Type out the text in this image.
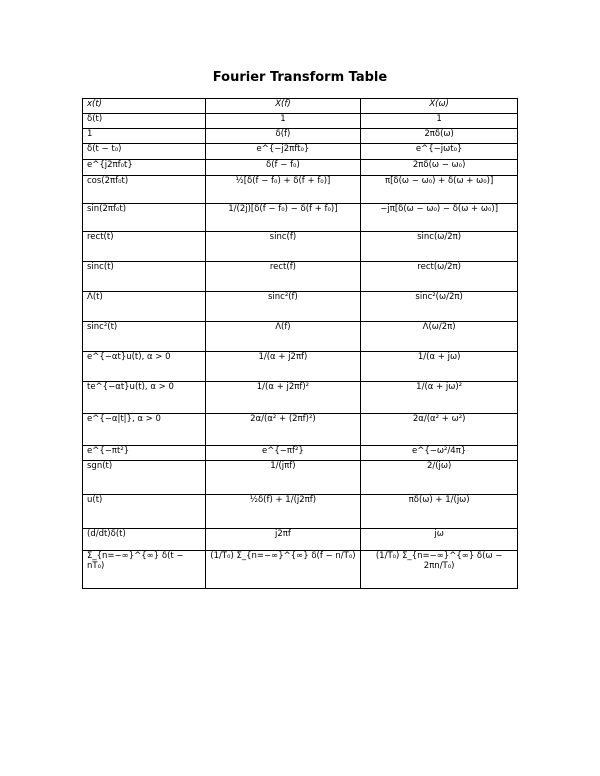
Fourier Transform Table
x(t)	X(f)	X(ω)
δ(t)	1	1
1	δ(f)	2πδ(ω)
δ(t − t₀)	e^{−j2πft₀}	e^{−jωt₀}
e^{j2πf₀t}	δ(f − f₀)	2πδ(ω − ω₀)
cos(2πf₀t)	½[δ(f − f₀) + δ(f + f₀)]	π[δ(ω − ω₀) + δ(ω + ω₀)]
sin(2πf₀t)	1/(2j)[δ(f − f₀) − δ(f + f₀)]	−jπ[δ(ω − ω₀) − δ(ω + ω₀)]
rect(t)	sinc(f)	sinc(ω/2π)
sinc(t)	rect(f)	rect(ω/2π)
Λ(t)	sinc²(f)	sinc²(ω/2π)
sinc²(t)	Λ(f)	Λ(ω/2π)
e^{−αt}u(t), α > 0	1/(α + j2πf)	1/(α + jω)
te^{−αt}u(t), α > 0	1/(α + j2πf)²	1/(α + jω)²
e^{−α|t|}, α > 0	2α/(α² + (2πf)²)	2α/(α² + ω²)
e^{−πt²}	e^{−πf²}	e^{−ω²/4π}
sgn(t)	1/(jπf)	2/(jω)
u(t)	½δ(f) + 1/(j2πf)	πδ(ω) + 1/(jω)
(d/dt)δ(t)	j2πf	jω
Σ_{n=−∞}^{∞} δ(t − nT₀)	(1/T₀) Σ_{n=−∞}^{∞} δ(f − n/T₀)	(1/T₀) Σ_{n=−∞}^{∞} δ(ω − 2πn/T₀)
